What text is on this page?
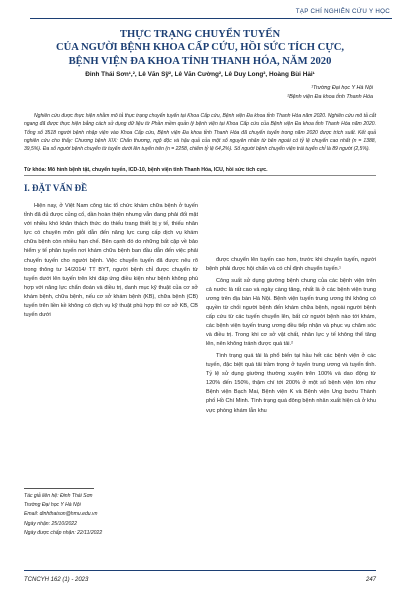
TẠP CHÍ NGHIÊN CỨU Y HỌC
THỰC TRẠNG CHUYỂN TUYẾN
CỦA NGƯỜI BỆNH KHOA CẤP CỨU, HỒI SỨC TÍCH CỰC,
BỆNH VIỆN ĐA KHOA TỈNH THANH HÓA, NĂM 2020
Đinh Thái Sơn¹,², Lê Văn Sỹ², Lê Văn Cường², Lê Duy Long², Hoàng Bùi Hải¹
¹Trường Đại học Y Hà Nội
²Bệnh viện Đa khoa tỉnh Thanh Hóa
Nghiên cứu được thực hiện nhằm mô tả thực trạng chuyển tuyến tại Khoa Cấp cứu, Bệnh viện Đa khoa tỉnh Thanh Hóa năm 2020. Nghiên cứu mô tả cắt ngang đã được thực hiện bằng cách sử dụng dữ liệu từ Phần mềm quản lý bệnh viện tại Khoa Cấp cứu của Bệnh viện Đa khoa tỉnh Thanh Hóa năm 2020. Tổng số 3518 người bệnh nhập viện vào Khoa Cấp cứu, Bệnh viện Đa khoa tỉnh Thanh Hóa đã chuyển tuyến trong năm 2020 được trích suất. Kết quả nghiên cứu cho thấy: Chương bệnh XIX: Chấn thương, ngộ độc và hậu quả của một số nguyên nhân từ bên ngoài có tỷ lệ chuyển cao nhất (n = 1388, 39,5%). Đa số người bệnh chuyển từ tuyến dưới lên tuyến trên (n = 2258, chiếm tỷ lệ 64,2%). Số người bệnh chuyển viện trái tuyến chỉ là 89 người (2,5%).
Từ khóa: Mô hình bệnh tật, chuyển tuyến, ICD-10, bệnh viện tỉnh Thanh Hóa, ICU, hồi sức tích cực.
I. ĐẶT VẤN ĐỀ

Hiện nay, ở Việt Nam công tác tổ chức khám chữa bệnh ở tuyến tỉnh đã đủ được củng cố, dần hoàn thiện nhưng vẫn đang phải đối mặt với nhiều khó khăn thách thức do thiếu trang thiết bị y tế, thiếu nhân lực có chuyên môn giỏi dẫn đến năng lực cung cấp dịch vụ khám chữa bệnh còn nhiều hạn chế. Bên cạnh đó do những bất cập về bảo hiểm y tế phân tuyến nơi khám chữa bệnh ban đầu dẫn đến việc phải chuyển tuyến cho người bệnh. Việc chuyển tuyến đã được nêu rõ trong thông tư 14/2014/ TT BYT, người bệnh chỉ được chuyển từ tuyến dưới lên tuyến trên khi đáp ứng điều kiện như bệnh không phù hợp với năng lực chẩn đoán và điều trị, danh mục kỹ thuật của cơ sở khám bệnh, chữa bệnh, nếu cơ sở khám bệnh (KB), chữa bệnh (CB) tuyến trên liền kề không có dịch vụ kỹ thuật phù hợp thì cơ sở KB, CB tuyến dưới

được chuyển lên tuyến cao hơn, trước khi chuyển tuyến, người bệnh phải được hội chẩn và có chỉ định chuyển tuyến.¹

Công suất sử dụng giường bệnh chung của các bệnh viện trên cả nước là rất cao và ngày càng tăng, nhất là ở các bệnh viện trung ương trên địa bàn Hà Nội. Bệnh viện tuyến trung ương thì không có quyền từ chối người bệnh đến khám chữa bệnh, ngoài người bệnh cấp cứu từ các tuyến chuyển lên, bất cứ người bệnh nào tới khám, các bệnh viện tuyến trung ương đều tiếp nhận và phục vụ chăm sóc và điều trị. Trong khi cơ sở vật chất, nhân lực y tế không thể tăng lên, nên không tránh được quá tải.²

Tình trạng quá tải là phổ biến tại hầu hết các bệnh viện ở các tuyến, đặc biệt quá tải trầm trọng ở tuyến trung ương và tuyến tỉnh. Tỷ lệ sử dụng giường thường xuyên trên 100% và dao động từ 120% đến 150%, thậm chí tới 200% ở một số bệnh viện lớn như Bệnh viện Bạch Mai, Bệnh viện K và Bệnh viện Ung bướu Thành phố Hồ Chí Minh. Tình trạng quá đông bệnh nhân xuất hiện cả ở khu vực phòng khám lẫn khu

Tác giả liên hệ: Đinh Thái Sơn
Trường Đại học Y Hà Nội
Email: dinhthaison@hmu.edu.vn
Ngày nhận: 25/10/2022
Ngày được chấp nhận: 22/11/2022
TCNCYH 162 (1) - 2023	247
